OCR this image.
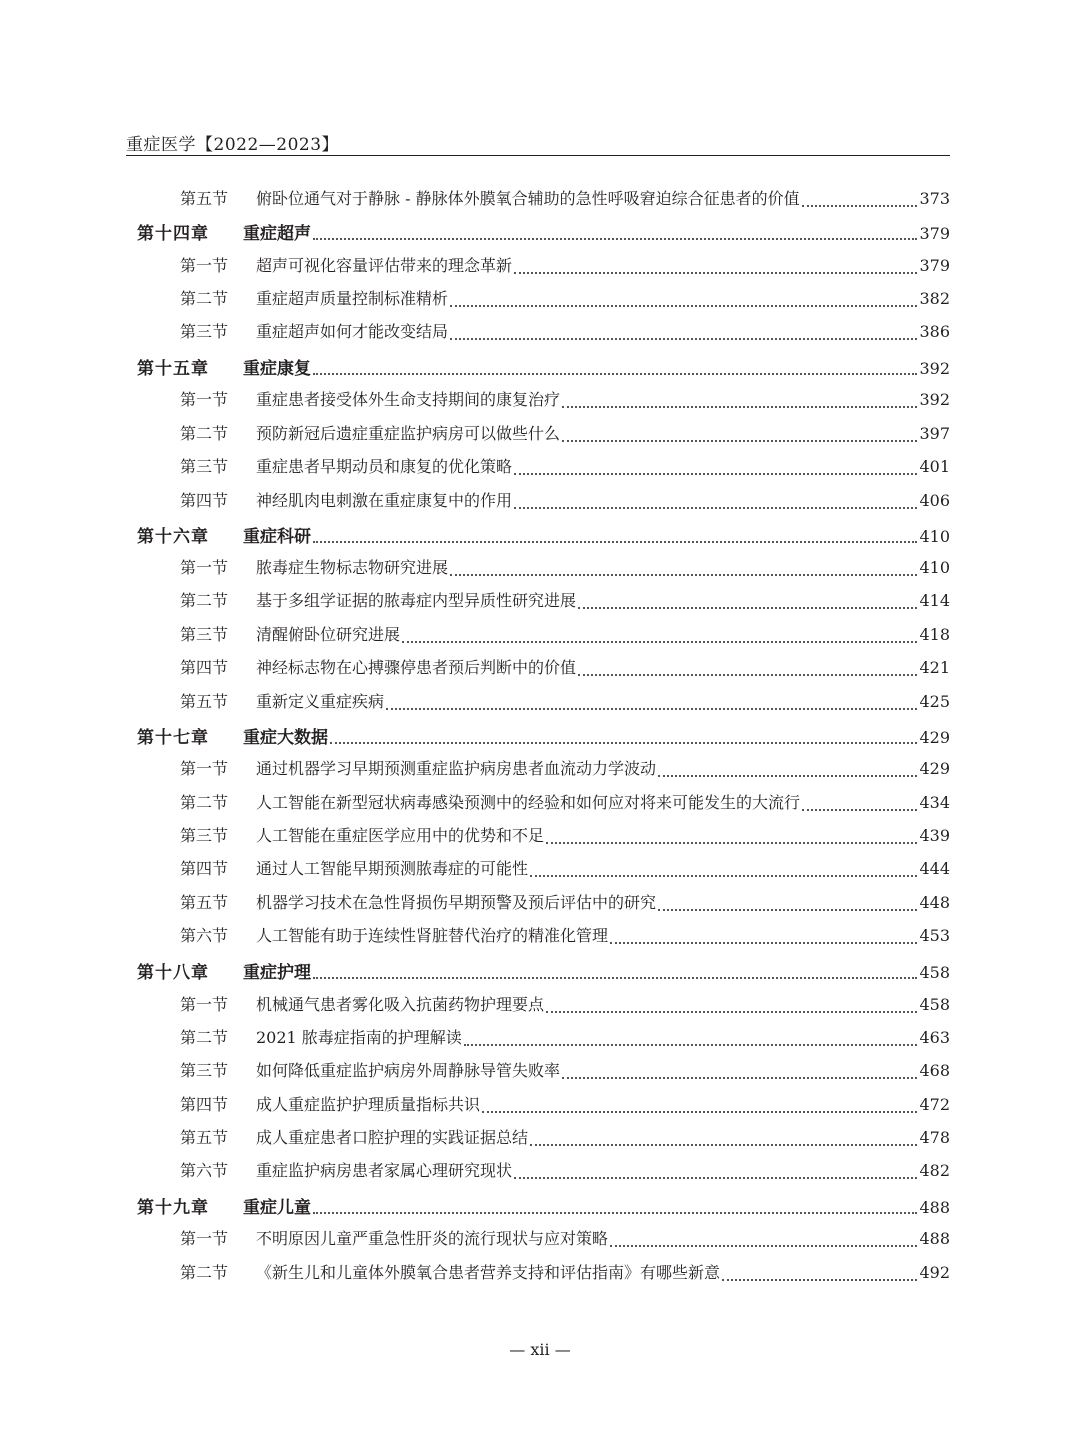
重症医学【2022—2023】
第五节	俯卧位通气对于静脉 - 静脉体外膜氧合辅助的急性呼吸窘迫综合征患者的价值	373
第十四章	重症超声	379
第一节	超声可视化容量评估带来的理念革新	379
第二节	重症超声质量控制标准精析	382
第三节	重症超声如何才能改变结局	386
第十五章	重症康复	392
第一节	重症患者接受体外生命支持期间的康复治疗	392
第二节	预防新冠后遗症重症监护病房可以做些什么	397
第三节	重症患者早期动员和康复的优化策略	401
第四节	神经肌肉电刺激在重症康复中的作用	406
第十六章	重症科研	410
第一节	脓毒症生物标志物研究进展	410
第二节	基于多组学证据的脓毒症内型异质性研究进展	414
第三节	清醒俯卧位研究进展	418
第四节	神经标志物在心搏骤停患者预后判断中的价值	421
第五节	重新定义重症疾病	425
第十七章	重症大数据	429
第一节	通过机器学习早期预测重症监护病房患者血流动力学波动	429
第二节	人工智能在新型冠状病毒感染预测中的经验和如何应对将来可能发生的大流行	434
第三节	人工智能在重症医学应用中的优势和不足	439
第四节	通过人工智能早期预测脓毒症的可能性	444
第五节	机器学习技术在急性肾损伤早期预警及预后评估中的研究	448
第六节	人工智能有助于连续性肾脏替代治疗的精准化管理	453
第十八章	重症护理	458
第一节	机械通气患者雾化吸入抗菌药物护理要点	458
第二节	2021 脓毒症指南的护理解读	463
第三节	如何降低重症监护病房外周静脉导管失败率	468
第四节	成人重症监护护理质量指标共识	472
第五节	成人重症患者口腔护理的实践证据总结	478
第六节	重症监护病房患者家属心理研究现状	482
第十九章	重症儿童	488
第一节	不明原因儿童严重急性肝炎的流行现状与应对策略	488
第二节	《新生儿和儿童体外膜氧合患者营养支持和评估指南》有哪些新意	492
— xii —
